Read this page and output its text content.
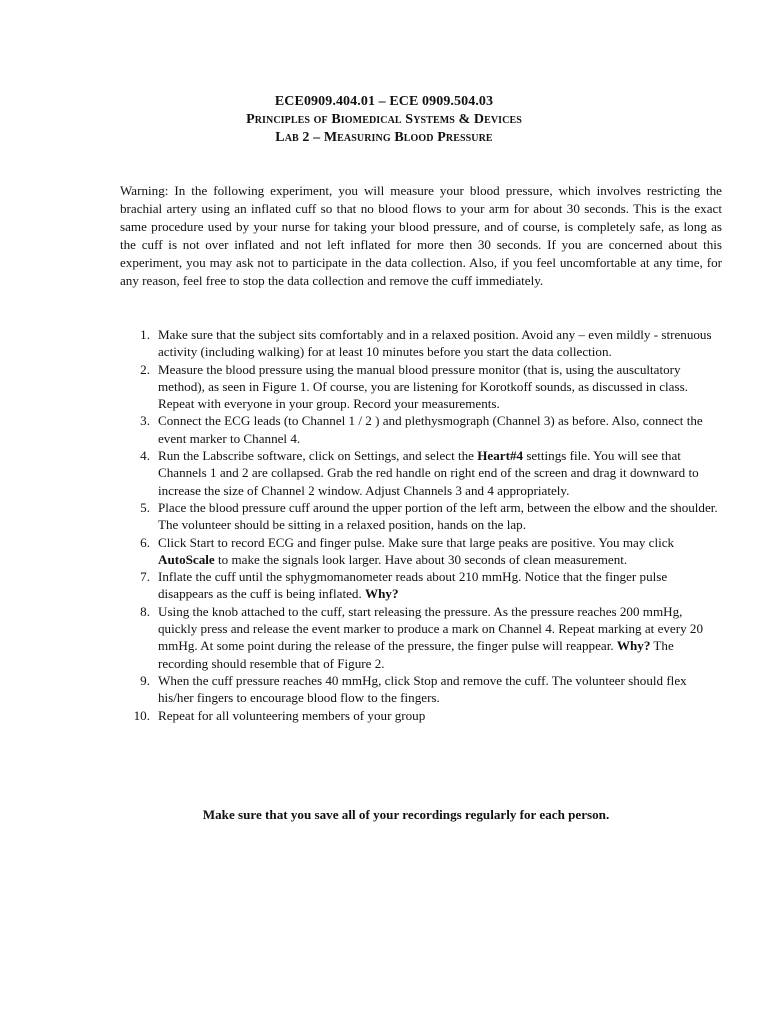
ECE0909.404.01 – ECE 0909.504.03
Principles of Biomedical Systems & Devices
Lab 2 – Measuring Blood Pressure

Warning: In the following experiment, you will measure your blood pressure, which involves restricting the brachial artery using an inflated cuff so that no blood flows to your arm for about 30 seconds. This is the exact same procedure used by your nurse for taking your blood pressure, and of course, is completely safe, as long as the cuff is not over inflated and not left inflated for more then 30 seconds. If you are concerned about this experiment, you may ask not to participate in the data collection. Also, if you feel uncomfortable at any time, for any reason, feel free to stop the data collection and remove the cuff immediately.

1. Make sure that the subject sits comfortably and in a relaxed position. Avoid any – even mildly - strenuous activity (including walking) for at least 10 minutes before you start the data collection.
2. Measure the blood pressure using the manual blood pressure monitor (that is, using the auscultatory method), as seen in Figure 1. Of course, you are listening for Korotkoff sounds, as discussed in class. Repeat with everyone in your group. Record your measurements.
3. Connect the ECG leads (to Channel 1 / 2 ) and plethysmograph (Channel 3) as before. Also, connect the event marker to Channel 4.
4. Run the Labscribe software, click on Settings, and select the Heart#4 settings file. You will see that Channels 1 and 2 are collapsed. Grab the red handle on right end of the screen and drag it downward to increase the size of Channel 2 window. Adjust Channels 3 and 4 appropriately.
5. Place the blood pressure cuff around the upper portion of the left arm, between the elbow and the shoulder. The volunteer should be sitting in a relaxed position, hands on the lap.
6. Click Start to record ECG and finger pulse. Make sure that large peaks are positive. You may click AutoScale to make the signals look larger. Have about 30 seconds of clean measurement.
7. Inflate the cuff until the sphygmomanometer reads about 210 mmHg. Notice that the finger pulse disappears as the cuff is being inflated. Why?
8. Using the knob attached to the cuff, start releasing the pressure. As the pressure reaches 200 mmHg, quickly press and release the event marker to produce a mark on Channel 4. Repeat marking at every 20 mmHg. At some point during the release of the pressure, the finger pulse will reappear. Why? The recording should resemble that of Figure 2.
9. When the cuff pressure reaches 40 mmHg, click Stop and remove the cuff. The volunteer should flex his/her fingers to encourage blood flow to the fingers.
10. Repeat for all volunteering members of your group
Make sure that you save all of your recordings regularly for each person.
